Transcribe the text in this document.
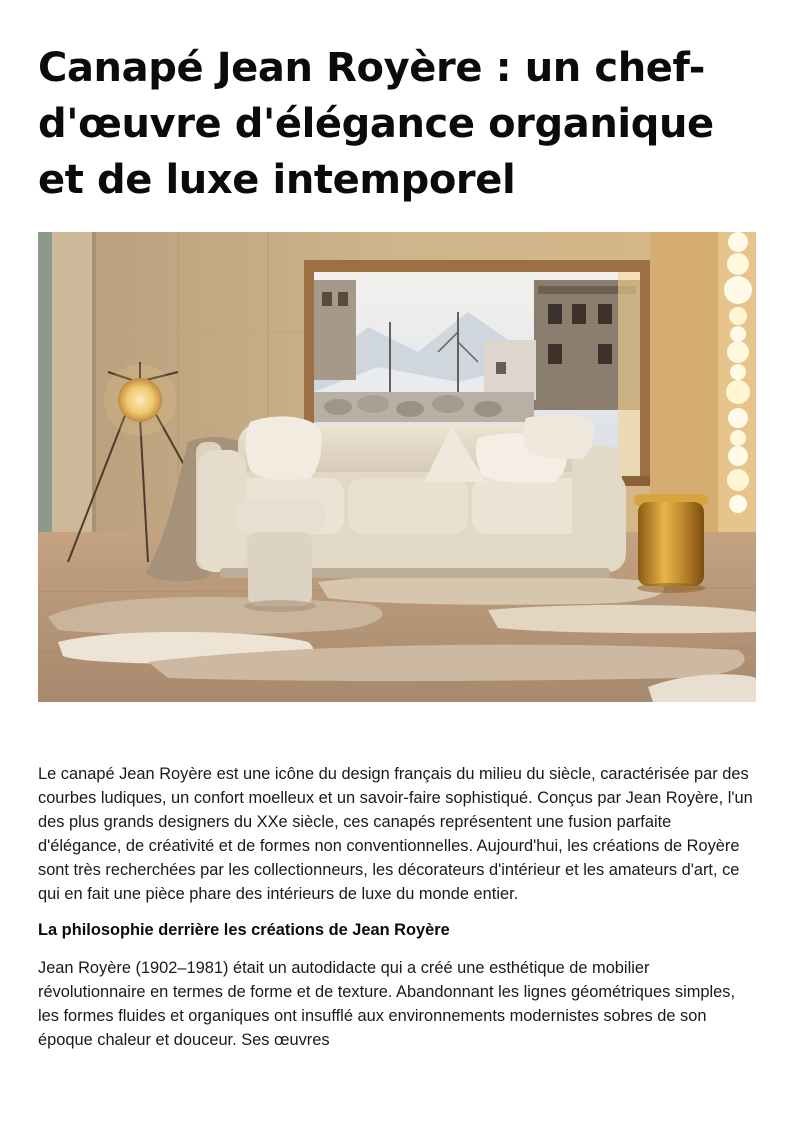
Canapé Jean Royère : un chef-d'œuvre d'élégance organique et de luxe intemporel

Le canapé Jean Royère est une icône du design français du milieu du siècle, caractérisée par des courbes ludiques, un confort moelleux et un savoir-faire sophistiqué. Conçus par Jean Royère, l'un des plus grands designers du XXe siècle, ces canapés représentent une fusion parfaite d'élégance, de créativité et de formes non conventionnelles. Aujourd'hui, les créations de Royère sont très recherchées par les collectionneurs, les décorateurs d'intérieur et les amateurs d'art, ce qui en fait une pièce phare des intérieurs de luxe du monde entier.

La philosophie derrière les créations de Jean Royère

Jean Royère (1902–1981) était un autodidacte qui a créé une esthétique de mobilier révolutionnaire en termes de forme et de texture. Abandonnant les lignes géométriques simples, les formes fluides et organiques ont insufflé aux environnements modernistes sobres de son époque chaleur et douceur. Ses œuvres
